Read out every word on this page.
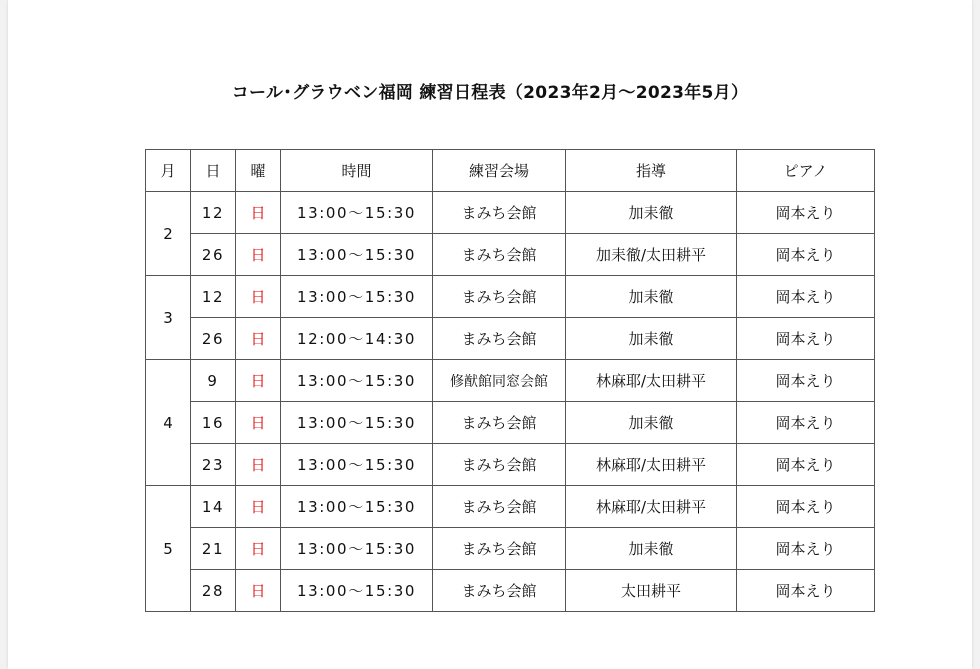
コール･グラウベン福岡 練習日程表（2023年2月～2023年5月）
月	日	曜	時間	練習会場	指導	ピアノ
2	12	日	13:00～15:30	まみち会館	加耒徹	岡本えり
	26	日	13:00～15:30	まみち会館	加耒徹/太田耕平	岡本えり
3	12	日	13:00～15:30	まみち会館	加耒徹	岡本えり
	26	日	12:00～14:30	まみち会館	加耒徹	岡本えり
4	9	日	13:00～15:30	修猷館同窓会館	林麻耶/太田耕平	岡本えり
	16	日	13:00～15:30	まみち会館	加耒徹	岡本えり
	23	日	13:00～15:30	まみち会館	林麻耶/太田耕平	岡本えり
5	14	日	13:00～15:30	まみち会館	林麻耶/太田耕平	岡本えり
	21	日	13:00～15:30	まみち会館	加耒徹	岡本えり
	28	日	13:00～15:30	まみち会館	太田耕平	岡本えり
